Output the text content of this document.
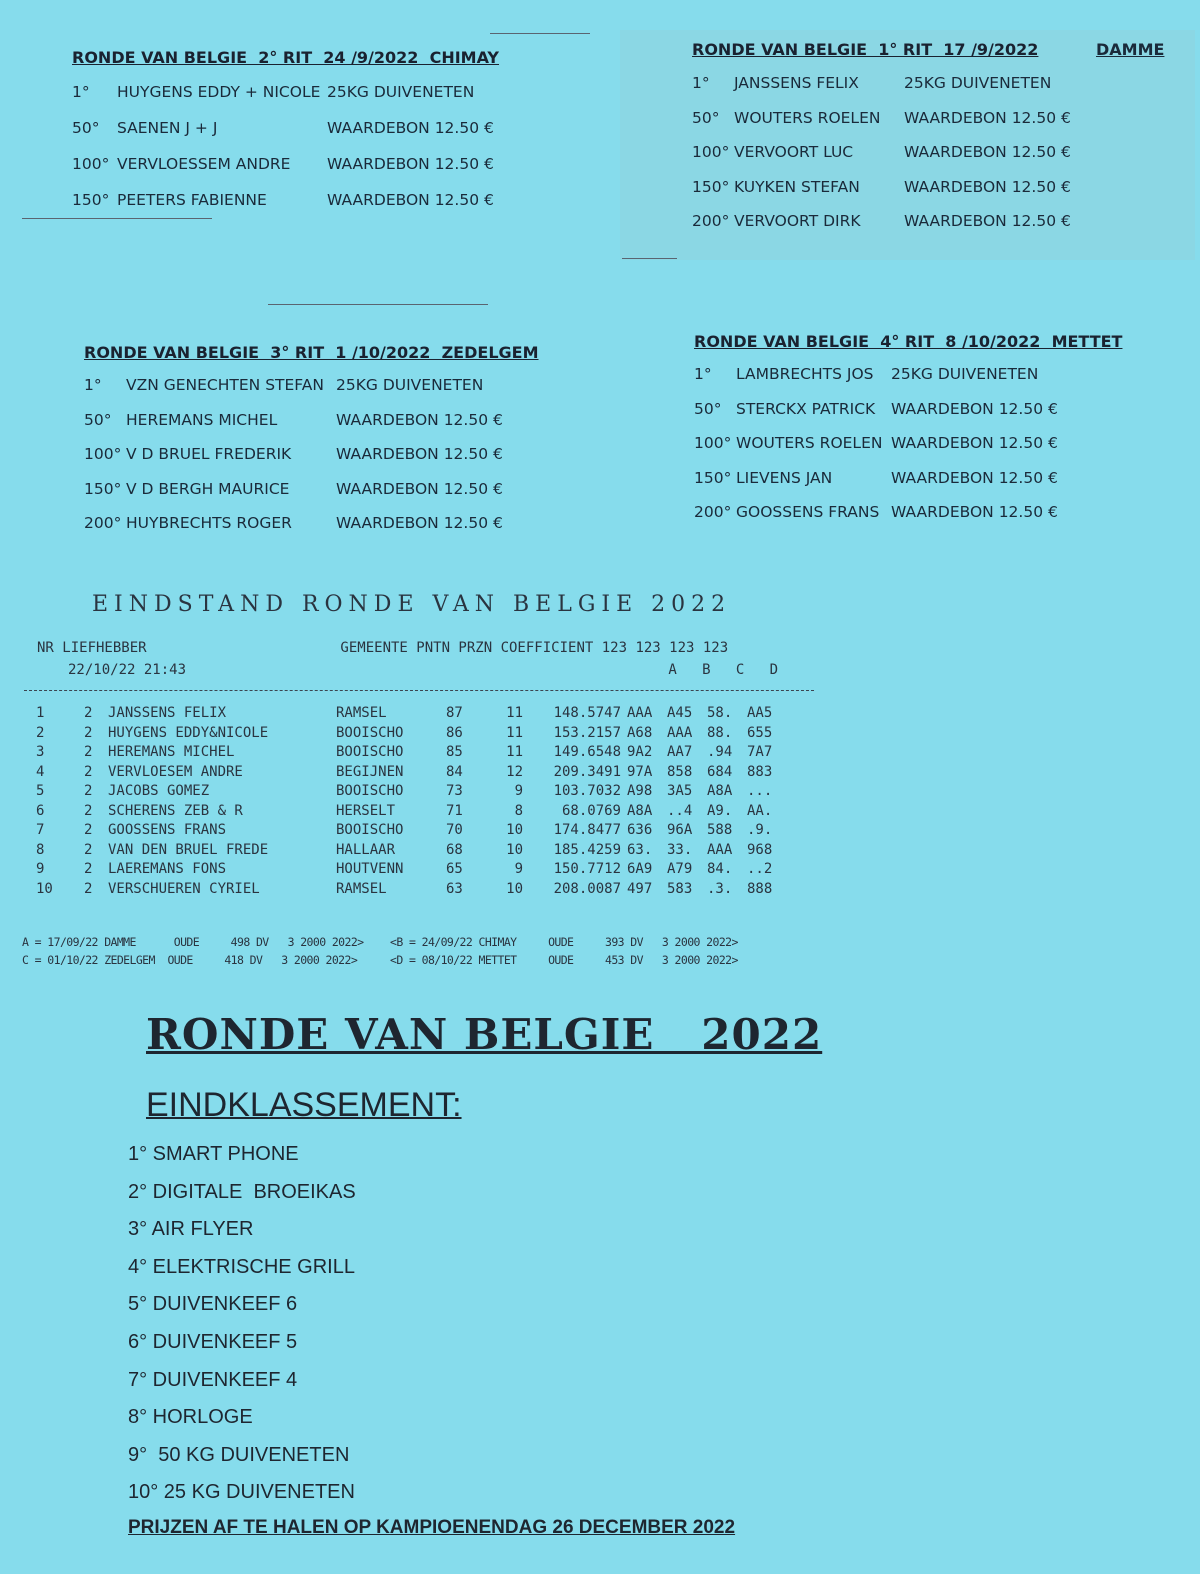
RONDE VAN BELGIE  2° RIT  24 /9/2022  CHIMAY
1°	HUYGENS EDDY + NICOLE 25KG DUIVENETEN
50°	SAENEN J + J	WAARDEBON 12.50 €
100° VERVLOESSEM ANDRE	WAARDEBON 12.50 €
150° PEETERS FABIENNE	WAARDEBON 12.50 €
RONDE VAN BELGIE  1° RIT  17 /9/2022	DAMME
1°	JANSSENS FELIX	25KG DUIVENETEN
50° WOUTERS ROELEN	WAARDEBON 12.50 €
100° VERVOORT LUC	WAARDEBON 12.50 €
150° KUYKEN STEFAN	WAARDEBON 12.50 €
200° VERVOORT DIRK	WAARDEBON 12.50 €
RONDE VAN BELGIE  3° RIT  1 /10/2022  ZEDELGEM
1°	VZN GENECHTEN STEFAN 25KG DUIVENETEN
50° HEREMANS MICHEL	WAARDEBON 12.50 €
100° V D BRUEL FREDERIK	WAARDEBON 12.50 €
150° V D BERGH MAURICE	WAARDEBON 12.50 €
200° HUYBRECHTS ROGER	WAARDEBON 12.50 €
RONDE VAN BELGIE  4° RIT  8 /10/2022  METTET
1°	LAMBRECHTS JOS	25KG DUIVENETEN
50° STERCKX PATRICK	WAARDEBON 12.50 €
100° WOUTERS ROELEN WAARDEBON 12.50 €
150° LIEVENS JAN	WAARDEBON 12.50 €
200° GOOSSENS FRANS WAARDEBON 12.50 €
EINDSTAND RONDE VAN BELGIE 2022
NR LIEFHEBBER                       GEMEENTE PNTN PRZN COEFFICIENT 123 123 123 123
22/10/22 21:43	A   B   C   D
1	2	JANSSENS FELIX	RAMSEL	87	11 148.5747 AAA	A45	58.	AA5
2	2	HUYGENS EDDY&NICOLE	BOOISCHO	86	11 153.2157 A68	AAA	88.	655
3	2	HEREMANS MICHEL	BOOISCHO	85	11 149.6548 9A2	AA7	.94	7A7
4	2	VERVLOESEM ANDRE	BEGIJNEN	84	12 209.3491 97A	858	684	883
5	2	JACOBS GOMEZ	BOOISCHO	73	9 103.7032 A98	3A5	A8A	...
6	2	SCHERENS ZEB & R	HERSELT	71	8	68.0769 A8A	..4	A9.	AA.
7	2	GOOSSENS FRANS	BOOISCHO	70	10 174.8477 636	96A	588	.9.
8	2	VAN DEN BRUEL FREDE	HALLAAR	68	10 185.4259 63.	33.	AAA	968
9	2	LAEREMANS FONS	HOUTVENN	65	9 150.7712 6A9	A79	84.	..2
10	2	VERSCHUEREN CYRIEL	RAMSEL	63	10 208.0087 497	583	.3.	888
A = 17/09/22 DAMME      OUDE     498 DV   3 2000 2022>
C = 01/10/22 ZEDELGEM  OUDE     418 DV   3 2000 2022>
<B = 24/09/22 CHIMAY     OUDE     393 DV   3 2000 2022>
<D = 08/10/22 METTET     OUDE     453 DV   3 2000 2022>
RONDE VAN BELGIE   2022
EINDKLASSEMENT:
1° SMART PHONE
2° DIGITALE  BROEIKAS
3° AIR FLYER
4° ELEKTRISCHE GRILL
5° DUIVENKEEF 6
6° DUIVENKEEF 5
7° DUIVENKEEF 4
8° HORLOGE
9°  50 KG DUIVENETEN
10° 25 KG DUIVENETEN
PRIJZEN AF TE HALEN OP KAMPIOENENDAG 26 DECEMBER 2022
